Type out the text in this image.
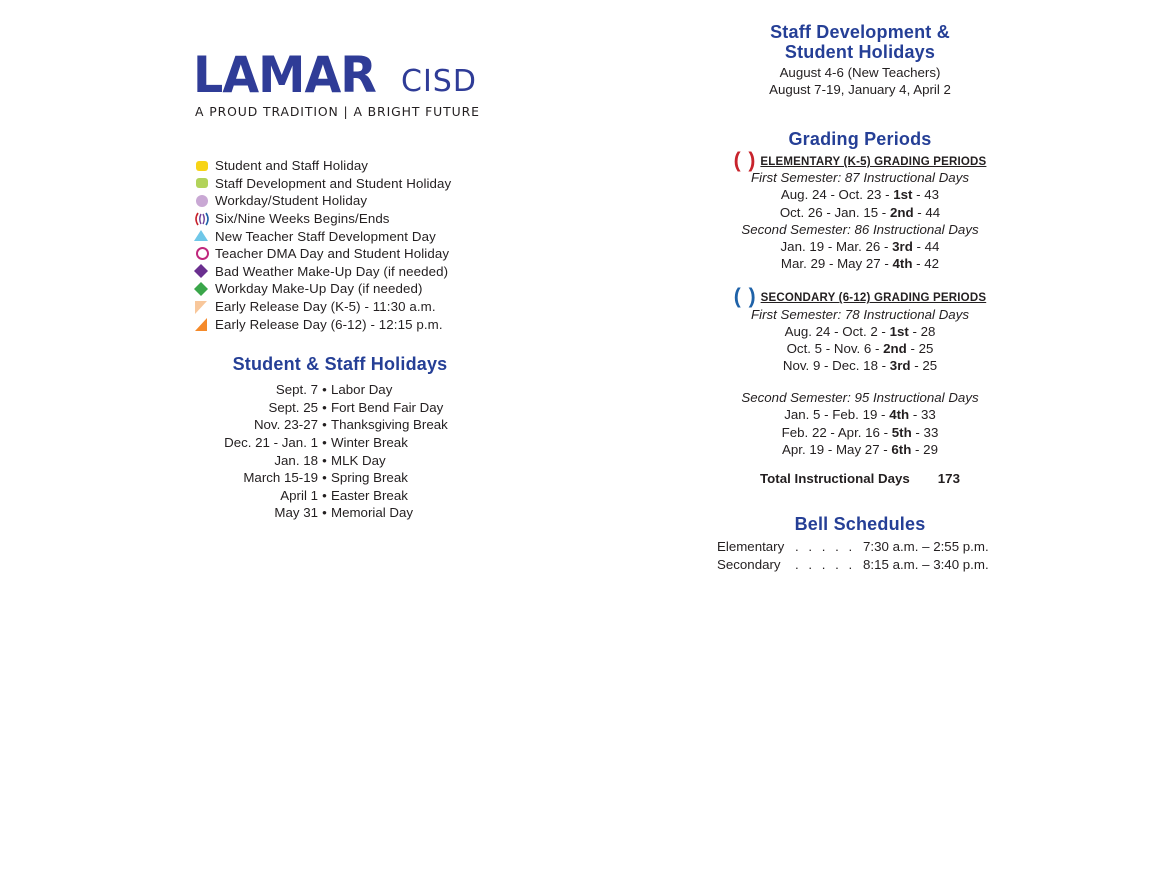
LAMAR CISD
A PROUD TRADITION | A BRIGHT FUTURE
Student and Staff Holiday
Staff Development and Student Holiday
Workday/Student Holiday
Six/Nine Weeks Begins/Ends
New Teacher Staff Development Day
Teacher DMA Day and Student Holiday
Bad Weather Make-Up Day (if needed)
Workday Make-Up Day (if needed)
Early Release Day (K-5) - 11:30 a.m.
Early Release Day (6-12) - 12:15 p.m.
Student & Staff Holidays
Sept. 7 • Labor Day
Sept. 25 • Fort Bend Fair Day
Nov. 23-27 • Thanksgiving Break
Dec. 21 - Jan. 1 • Winter Break
Jan. 18 • MLK Day
March 15-19 • Spring Break
April 1 • Easter Break
May 31 • Memorial Day
Staff Development &
Student Holidays
August 4-6 (New Teachers)
August 7-19, January 4, April 2
Grading Periods
( ) ELEMENTARY (K-5) GRADING PERIODS
First Semester: 87 Instructional Days
Aug. 24 - Oct. 23 - 1st - 43
Oct. 26 - Jan. 15 - 2nd - 44
Second Semester: 86 Instructional Days
Jan. 19 - Mar. 26 - 3rd - 44
Mar. 29 - May 27 - 4th - 42
( ) SECONDARY (6-12) GRADING PERIODS
First Semester: 78 Instructional Days
Aug. 24 - Oct. 2 - 1st - 28
Oct. 5 - Nov. 6 - 2nd - 25
Nov. 9 - Dec. 18 - 3rd - 25
Second Semester: 95 Instructional Days
Jan. 5 - Feb. 19 - 4th - 33
Feb. 22 - Apr. 16 - 5th - 33
Apr. 19 - May 27 - 6th - 29
Total Instructional Days 173
Bell Schedules
Elementary . . . . . 7:30 a.m. – 2:55 p.m.
Secondary	. . . . . 8:15 a.m. – 3:40 p.m.
